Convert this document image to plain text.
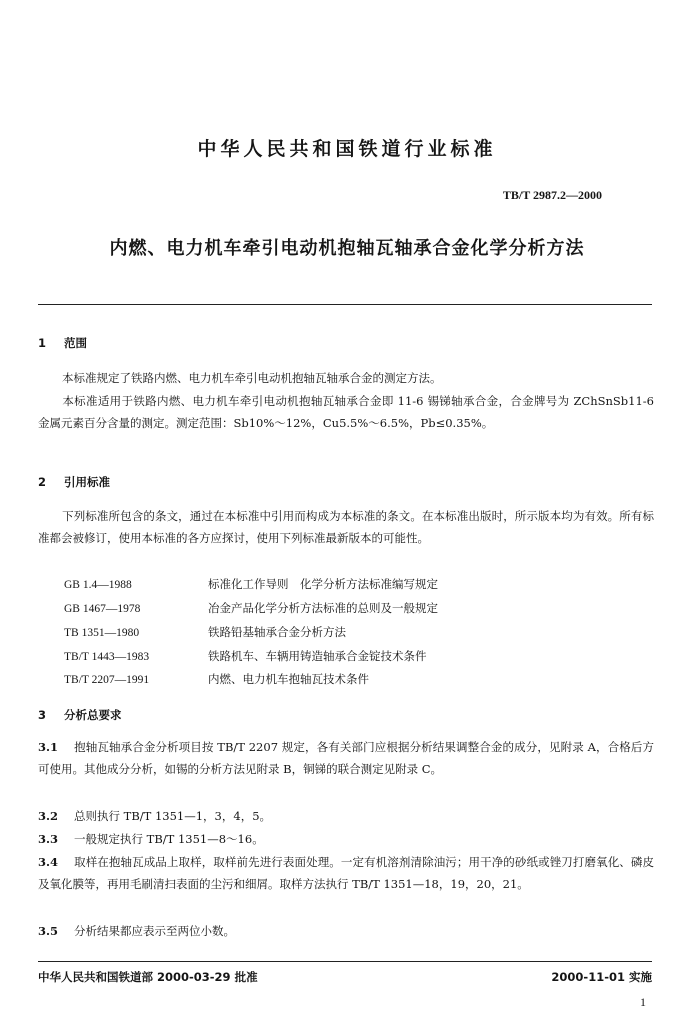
中华人民共和国铁道行业标准
TB/T 2987.2—2000
内燃、电力机车牵引电动机抱轴瓦轴承合金化学分析方法
1 范围
本标准规定了铁路内燃、电力机车牵引电动机抱轴瓦轴承合金的测定方法。
本标准适用于铁路内燃、电力机车牵引电动机抱轴瓦轴承合金即 11-6 锡锑轴承合金，合金牌号为 ZChSnSb11-6 金属元素百分含量的测定。测定范围：Sb10%～12%，Cu5.5%～6.5%，Pb≤0.35%。
2 引用标准
下列标准所包含的条文，通过在本标准中引用而构成为本标准的条文。在本标准出版时，所示版本均为有效。所有标准都会被修订，使用本标准的各方应探讨，使用下列标准最新版本的可能性。
GB 1.4—1988	标准化工作导则　化学分析方法标准编写规定
GB 1467—1978	冶金产品化学分析方法标准的总则及一般规定
TB 1351—1980	铁路铅基轴承合金分析方法
TB/T 1443—1983	铁路机车、车辆用铸造轴承合金锭技术条件
TB/T 2207—1991	内燃、电力机车抱轴瓦技术条件
3 分析总要求
3.1 抱轴瓦轴承合金分析项目按 TB/T 2207 规定，各有关部门应根据分析结果调整合金的成分，见附录 A，合格后方可使用。其他成分分析，如锡的分析方法见附录 B，铜锑的联合测定见附录 C。
3.2 总则执行 TB/T 1351—1，3，4，5。
3.3 一般规定执行 TB/T 1351—8～16。
3.4 取样在抱轴瓦成品上取样，取样前先进行表面处理。一定有机溶剂清除油污；用干净的砂纸或锉刀打磨氧化、磷皮及氧化膜等，再用毛刷清扫表面的尘污和细屑。取样方法执行 TB/T 1351—18，19，20，21。
3.5 分析结果都应表示至两位小数。
中华人民共和国铁道部 2000-03-29 批准	2000-11-01 实施
1
